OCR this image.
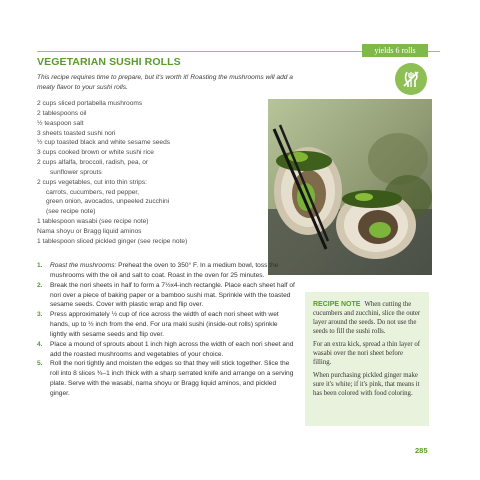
yields 6 rolls
VEGETARIAN SUSHI ROLLS
This recipe requires time to prepare, but it's worth it! Roasting the mushrooms will add a meaty flavor to your sushi rolls.
2 cups sliced portabella mushrooms
2 tablespoons oil
½ teaspoon salt
3 sheets toasted sushi nori
½ cup toasted black and white sesame seeds
3 cups cooked brown or white sushi rice
2 cups alfalfa, broccoli, radish, pea, or
sunflower sprouts
2 cups vegetables, cut into thin strips:
carrots, cucumbers, red pepper,
green onion, avocados, unpeeled zucchini
(see recipe note)
1 tablespoon wasabi (see recipe note)
Nama shoyu or Bragg liquid aminos
1 tablespoon sliced pickled ginger (see recipe note)
1. Roast the mushrooms: Preheat the oven to 350° F. In a medium bowl, toss the mushrooms with the oil and salt to coat. Roast in the oven for 25 minutes.
2. Break the nori sheets in half to form a 7½x4-inch rectangle. Place each sheet half of nori over a piece of baking paper or a bamboo sushi mat. Sprinkle with the toasted sesame seeds. Cover with plastic wrap and flip over.
3. Press approximately ½ cup of rice across the width of each nori sheet with wet hands, up to ½ inch from the end. For ura maki sushi (inside-out rolls) sprinkle lightly with sesame seeds and flip over.
4. Place a mound of sprouts about 1 inch high across the width of each nori sheet and add the roasted mushrooms and vegetables of your choice.
5. Roll the nori tightly and moisten the edges so that they will stick together. Slice the roll into 8 slices ¾–1 inch thick with a sharp serrated knife and arrange on a serving plate. Serve with the wasabi, nama shoyu or Bragg liquid aminos, and pickled ginger.

RECIPE NOTE When cutting the cucumbers and zucchini, slice the outer layer around the seeds. Do not use the seeds to fill the sushi rolls.

For an extra kick, spread a thin layer of wasabi over the nori sheet before filling.

When purchasing pickled ginger make sure it's white; if it's pink, that means it has been colored with food coloring.

285
